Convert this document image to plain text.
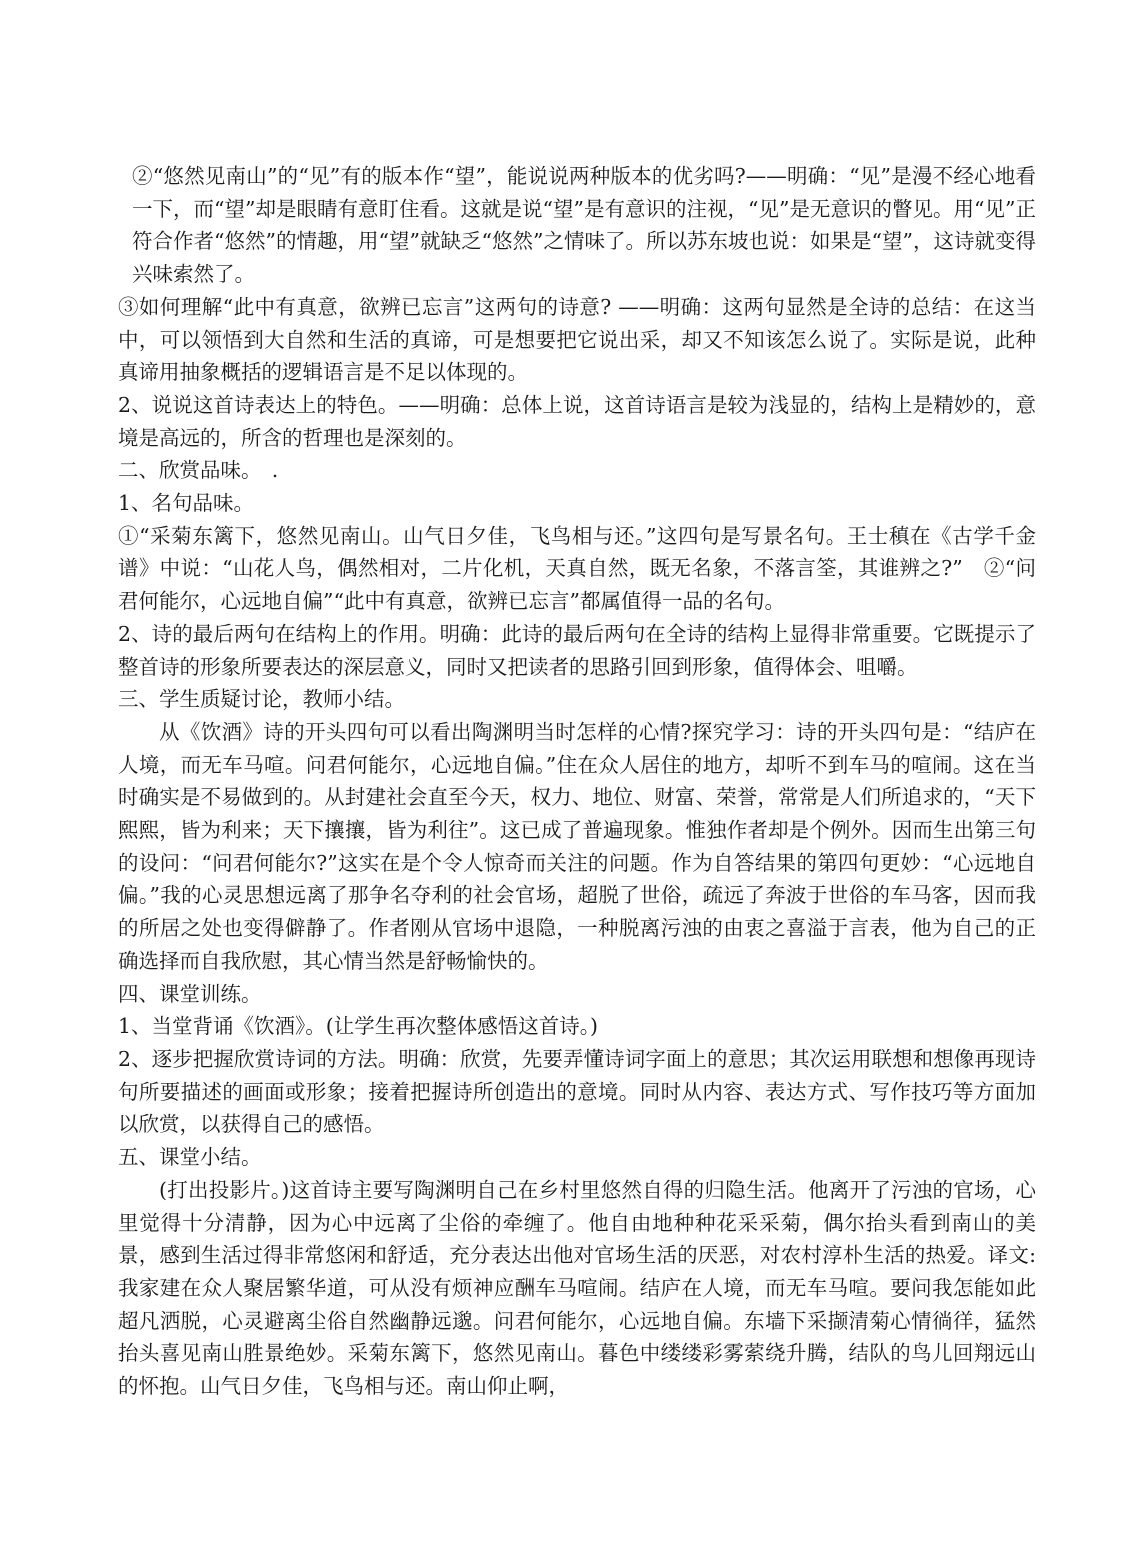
②“悠然见南山”的“见”有的版本作“望”，能说说两种版本的优劣吗?——明确：“见”是漫不经心地看一下，而“望”却是眼睛有意盯住看。这就是说“望”是有意识的注视，“见”是无意识的瞥见。用“见”正符合作者“悠然”的情趣，用“望”就缺乏“悠然”之情味了。所以苏东坡也说：如果是“望”，这诗就变得兴味索然了。

③如何理解“此中有真意，欲辨已忘言”这两句的诗意? ——明确：这两句显然是全诗的总结：在这当中，可以领悟到大自然和生活的真谛，可是想要把它说出采，却又不知该怎么说了。实际是说，此种真谛用抽象概括的逻辑语言是不足以体现的。

2、说说这首诗表达上的特色。——明确：总体上说，这首诗语言是较为浅显的，结构上是精妙的，意境是高远的，所含的哲理也是深刻的。

二、欣赏品味。　.

1、名句品味。

①“采菊东篱下，悠然见南山。山气日夕佳，飞鸟相与还。”这四句是写景名句。王士稹在《古学千金谱》中说：“山花人鸟，偶然相对，二片化机，天真自然，既无名象，不落言筌，其谁辨之?”　②“问君何能尔，心远地自偏”“此中有真意，欲辨已忘言”都属值得一品的名句。

2、诗的最后两句在结构上的作用。明确：此诗的最后两句在全诗的结构上显得非常重要。它既提示了整首诗的形象所要表达的深层意义，同时又把读者的思路引回到形象，值得体会、咀嚼。

三、学生质疑讨论，教师小结。

从《饮酒》诗的开头四句可以看出陶渊明当时怎样的心情?探究学习：诗的开头四句是：“结庐在人境，而无车马喧。问君何能尔，心远地自偏。”住在众人居住的地方，却听不到车马的喧闹。这在当时确实是不易做到的。从封建社会直至今天，权力、地位、财富、荣誉，常常是人们所追求的，“天下熙熙，皆为利来；天下攘攘，皆为利往”。这已成了普遍现象。惟独作者却是个例外。因而生出第三句的设问：“问君何能尔?”这实在是个令人惊奇而关注的问题。作为自答结果的第四句更妙：“心远地自偏。”我的心灵思想远离了那争名夺利的社会官场，超脱了世俗，疏远了奔波于世俗的车马客，因而我的所居之处也变得僻静了。作者刚从官场中退隐，一种脱离污浊的由衷之喜溢于言表，他为自己的正确选择而自我欣慰，其心情当然是舒畅愉快的。

四、课堂训练。

1、当堂背诵《饮酒》。(让学生再次整体感悟这首诗。)

2、逐步把握欣赏诗词的方法。明确：欣赏，先要弄懂诗词字面上的意思；其次运用联想和想像再现诗句所要描述的画面或形象；接着把握诗所创造出的意境。同时从内容、表达方式、写作技巧等方面加以欣赏，以获得自己的感悟。

五、课堂小结。

(打出投影片。)这首诗主要写陶渊明自己在乡村里悠然自得的归隐生活。他离开了污浊的官场，心里觉得十分清静，因为心中远离了尘俗的牵缠了。他自由地种种花采采菊，偶尔抬头看到南山的美景，感到生活过得非常悠闲和舒适，充分表达出他对官场生活的厌恶，对农村淳朴生活的热爱。译文: 我家建在众人聚居繁华道，可从没有烦神应酬车马喧闹。结庐在人境，而无车马喧。要问我怎能如此超凡洒脱，心灵避离尘俗自然幽静远邈。问君何能尔，心远地自偏。东墙下采撷清菊心情徜徉，猛然抬头喜见南山胜景绝妙。采菊东篱下，悠然见南山。暮色中缕缕彩雾萦绕升腾，结队的鸟儿回翔远山的怀抱。山气日夕佳，飞鸟相与还。南山仰止啊，
